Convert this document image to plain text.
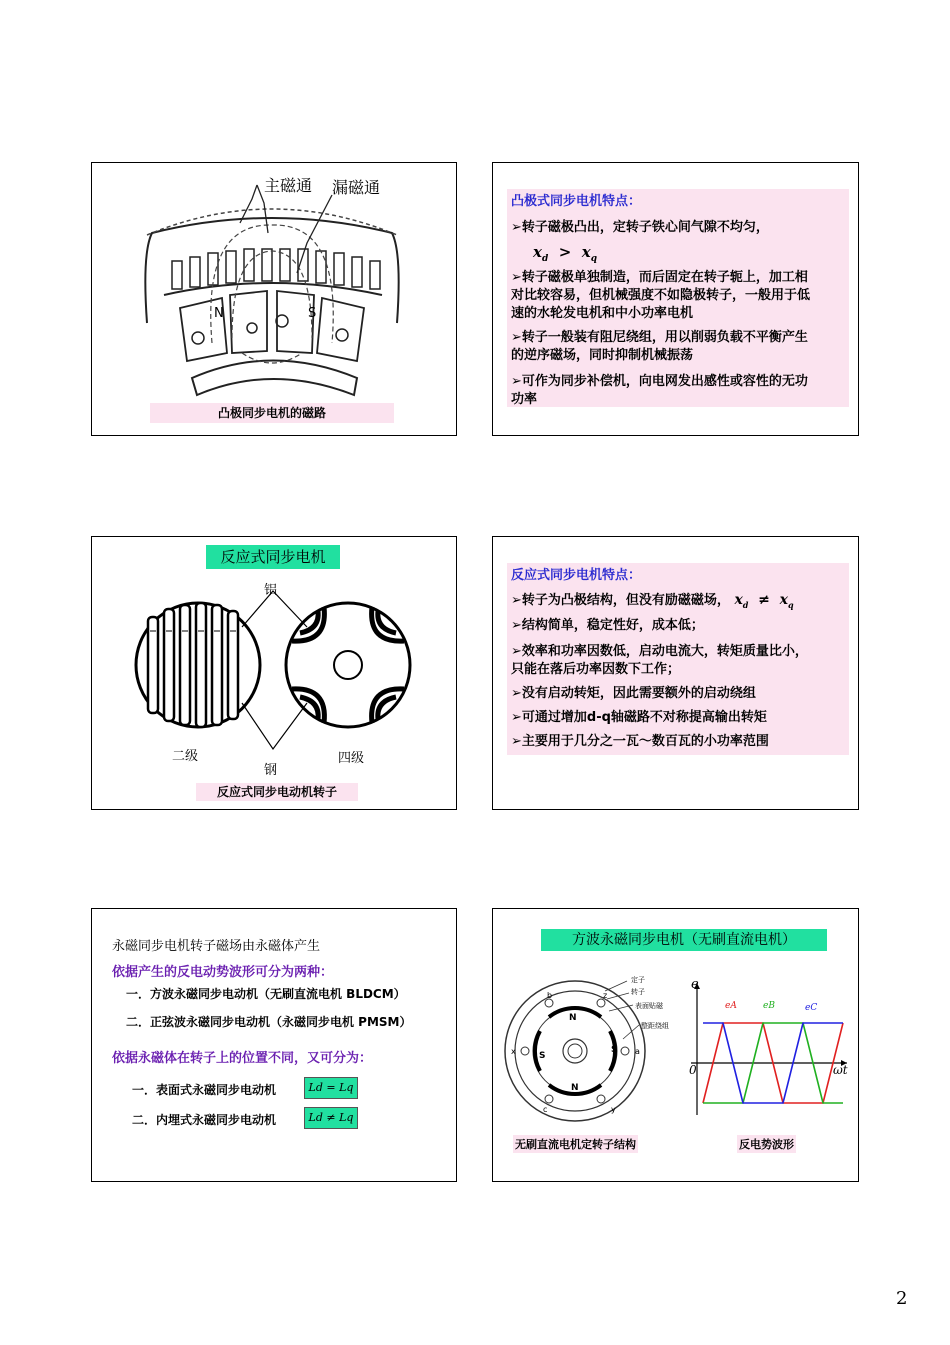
主磁通 漏磁通
N	S
凸极同步电机的磁路
凸极式同步电机特点：
➢转子磁极凸出，定转子铁心间气隙不均匀，
$x_d > x_q$
➢转子磁极单独制造，而后固定在转子轭上，加工相
对比较容易，但机械强度不如隐极转子，一般用于低
速的水轮发电机和中小功率电机
➢转子一般装有阻尼绕组，用以削弱负载不平衡产生
的逆序磁场，同时抑制机械振荡
➢可作为同步补偿机，向电网发出感性或容性的无功
功率
反应式同步电机
铝
二级	四级
钢
反应式同步电动机转子
反应式同步电机特点：
➢转子为凸极结构，但没有励磁磁场， $x_d \ne x_q$
➢结构简单，稳定性好，成本低；
➢效率和功率因数低，启动电流大，转矩质量比小，
只能在落后功率因数下工作；
➢没有启动转矩，因此需要额外的启动绕组
➢可通过增加d-q轴磁路不对称提高输出转矩
➢主要用于几分之一瓦～数百瓦的小功率范围
永磁同步电机转子磁场由永磁体产生
依据产生的反电动势波形可分为两种：
一．方波永磁同步电动机（无刷直流电机 BLDCM）
二．正弦波永磁同步电动机（永磁同步电机 PMSM）
依据永磁体在转子上的位置不同，又可分为：
一．表面式永磁同步电动机
二．内埋式永磁同步电动机
Ld = Lq
Ld ≠ Lq
方波永磁同步电机（无刷直流电机）
定子
转子
表面贴磁
整距绕组
a
b
c
x
y
z
N
S
S
N
e
0	ωt
eA	eB	eC
无刷直流电机定转子结构	反电势波形
2
